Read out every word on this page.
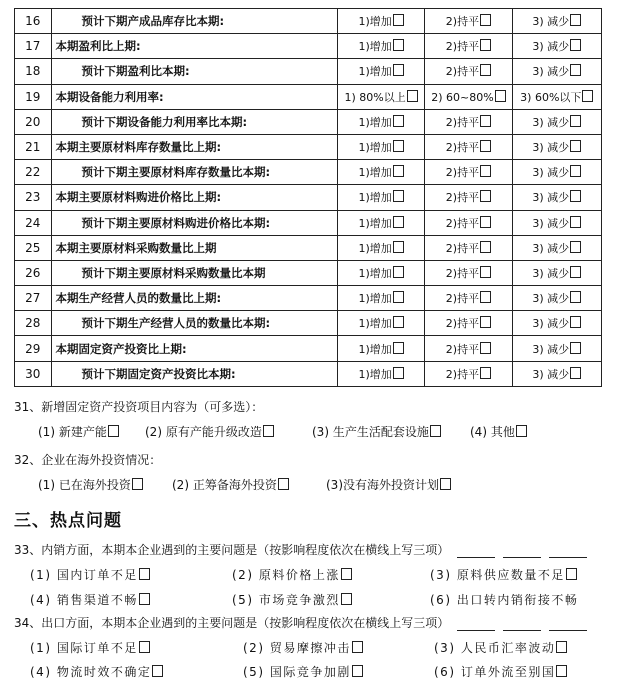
16	预计下期产成品库存比本期:	1)增加	2)持平	3) 减少
17	本期盈利比上期:	1)增加	2)持平	3) 减少
18	预计下期盈利比本期:	1)增加	2)持平	3) 减少
19	本期设备能力利用率:	1) 80%以上	2) 60~80%	3) 60%以下
20	预计下期设备能力利用率比本期:	1)增加	2)持平	3) 减少
21	本期主要原材料库存数量比上期:	1)增加	2)持平	3) 减少
22	预计下期主要原材料库存数量比本期:	1)增加	2)持平	3) 减少
23	本期主要原材料购进价格比上期:	1)增加	2)持平	3) 减少
24	预计下期主要原材料购进价格比本期:	1)增加	2)持平	3) 减少
25	本期主要原材料采购数量比上期	1)增加	2)持平	3) 减少
26	预计下期主要原材料采购数量比本期	1)增加	2)持平	3) 减少
27	本期生产经营人员的数量比上期:	1)增加	2)持平	3) 减少
28	预计下期生产经营人员的数量比本期:	1)增加	2)持平	3) 减少
29	本期固定资产投资比上期:	1)增加	2)持平	3) 减少
30	预计下期固定资产投资比本期:	1)增加	2)持平	3) 减少
31、新增固定资产投资项目内容为（可多选）：
(1) 新建产能	(2) 原有产能升级改造	(3) 生产生活配套设施	(4) 其他
32、企业在海外投资情况：
(1) 已在海外投资	(2) 正筹备海外投资	(3)没有海外投资计划
三、热点问题
33、内销方面，本期本企业遇到的主要问题是（按影响程度依次在横线上写三项）
(1) 国内订单不足	(2) 原料价格上涨	(3) 原料供应数量不足
(4) 销售渠道不畅	(5) 市场竞争激烈	(6) 出口转内销衔接不畅
34、出口方面，本期本企业遇到的主要问题是（按影响程度依次在横线上写三项）
(1) 国际订单不足	(2) 贸易摩擦冲击	(3) 人民币汇率波动
(4) 物流时效不确定	(5) 国际竞争加剧	(6) 订单外流至别国
